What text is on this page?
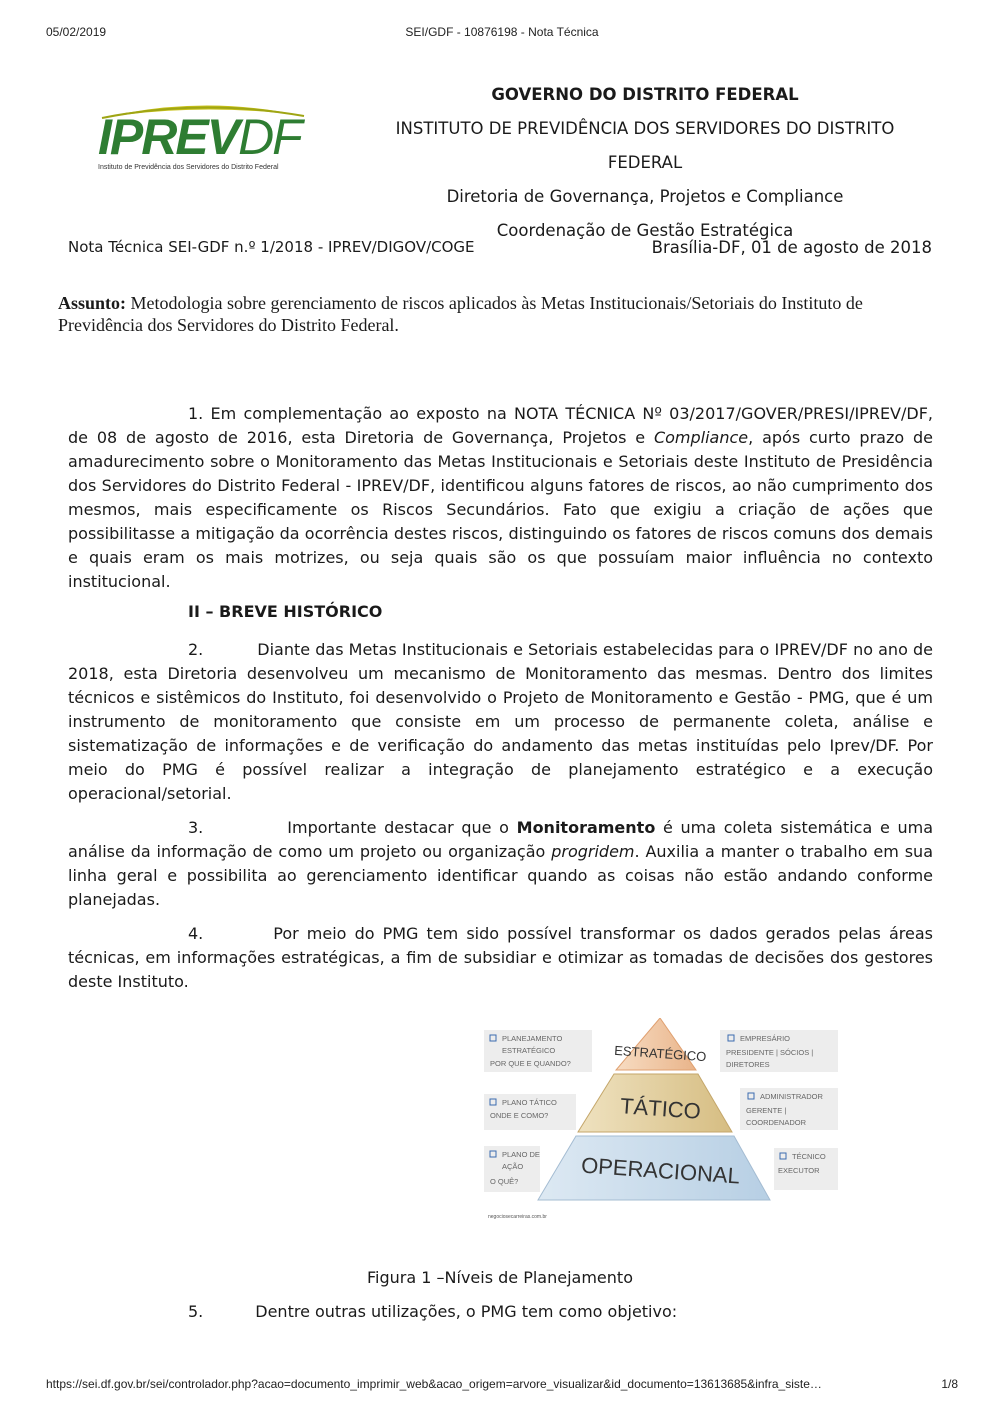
05/02/2019	SEI/GDF - 10876198 - Nota Técnica
IPREVDF
Instituto de Previdência dos Servidores do Distrito Federal
GOVERNO DO DISTRITO FEDERAL
INSTITUTO DE PREVIDÊNCIA DOS SERVIDORES DO DISTRITO FEDERAL
Diretoria de Governança, Projetos e Compliance
Coordenação de Gestão Estratégica
Nota Técnica SEI-GDF n.º 1/2018 - IPREV/DIGOV/COGE	Brasília-DF, 01 de agosto de 2018
Assunto: Metodologia sobre gerenciamento de riscos aplicados às Metas Institucionais/Setoriais do Instituto de Previdência dos Servidores do Distrito Federal.
1. Em complementação ao exposto na NOTA TÉCNICA Nº 03/2017/GOVER/PRESI/IPREV/DF, de 08 de agosto de 2016, esta Diretoria de Governança, Projetos e Compliance, após curto prazo de amadurecimento sobre o Monitoramento das Metas Institucionais e Setoriais deste Instituto de Presidência dos Servidores do Distrito Federal - IPREV/DF, identificou alguns fatores de riscos, ao não cumprimento dos mesmos, mais especificamente os Riscos Secundários. Fato que exigiu a criação de ações que possibilitasse a mitigação da ocorrência destes riscos, distinguindo os fatores de riscos comuns dos demais e quais eram os mais motrizes, ou seja quais são os que possuíam maior influência no contexto institucional.
II – BREVE HISTÓRICO
2.	Diante das Metas Institucionais e Setoriais estabelecidas para o IPREV/DF no ano de 2018, esta Diretoria desenvolveu um mecanismo de Monitoramento das mesmas. Dentro dos limites técnicos e sistêmicos do Instituto, foi desenvolvido o Projeto de Monitoramento e Gestão - PMG, que é um instrumento de monitoramento que consiste em um processo de permanente coleta, análise e sistematização de informações e de verificação do andamento das metas instituídas pelo Iprev/DF. Por meio do PMG é possível realizar a integração de planejamento estratégico e a execução operacional/setorial.
3.	Importante destacar que o Monitoramento é uma coleta sistemática e uma análise da informação de como um projeto ou organização progridem. Auxilia a manter o trabalho em sua linha geral e possibilita ao gerenciamento identificar quando as coisas não estão andando conforme planejadas.
4.	Por meio do PMG tem sido possível transformar os dados gerados pelas áreas técnicas, em informações estratégicas, a fim de subsidiar e otimizar as tomadas de decisões dos gestores deste Instituto.
ESTRATÉGICO
TÁTICO
OPERACIONAL
PLANEJAMENTO
ESTRATÉGICO
POR QUE E QUANDO?
PLANO TÁTICO
ONDE E COMO?
PLANO DE
AÇÃO
O QUÊ?
EMPRESÁRIO
PRESIDENTE | SÓCIOS |
DIRETORES
ADMINISTRADOR
GERENTE |
COORDENADOR
TÉCNICO
EXECUTOR
negociosecarreiras.com.br
Figura 1 –Níveis de Planejamento
5.	Dentre outras utilizações, o PMG tem como objetivo:
https://sei.df.gov.br/sei/controlador.php?acao=documento_imprimir_web&acao_origem=arvore_visualizar&id_documento=13613685&infra_siste…	1/8
